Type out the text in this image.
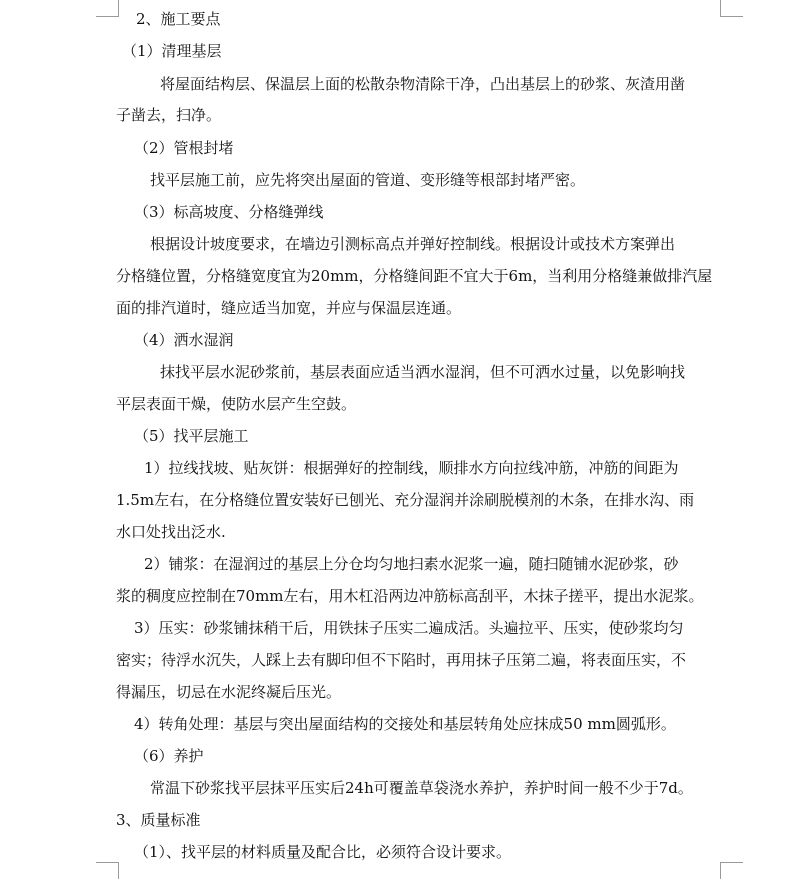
2、施工要点

（1）清理基层

将屋面结构层、保温层上面的松散杂物清除干净，凸出基层上的砂浆、灰渣用凿

子凿去，扫净。

（2）管根封堵

找平层施工前，应先将突出屋面的管道、变形缝等根部封堵严密。

（3）标高坡度、分格缝弹线

根据设计坡度要求，在墙边引测标高点并弹好控制线。根据设计或技术方案弹出

分格缝位置，分格缝宽度宜为20mm，分格缝间距不宜大于6m，当利用分格缝兼做排汽屋

面的排汽道时，缝应适当加宽，并应与保温层连通。

（4）洒水湿润

抹找平层水泥砂浆前，基层表面应适当洒水湿润，但不可洒水过量，以免影响找

平层表面干燥，使防水层产生空鼓。

（5）找平层施工

1）拉线找坡、贴灰饼：根据弹好的控制线，顺排水方向拉线冲筋，冲筋的间距为

1.5m左右，在分格缝位置安装好已刨光、充分湿润并涂刷脱模剂的木条，在排水沟、雨

水口处找出泛水.

2）铺浆：在湿润过的基层上分仓均匀地扫素水泥浆一遍，随扫随铺水泥砂浆，砂

浆的稠度应控制在70mm左右，用木杠沿两边冲筋标高刮平，木抹子搓平，提出水泥浆。

3）压实：砂浆铺抹稍干后，用铁抹子压实二遍成活。头遍拉平、压实，使砂浆均匀

密实；待浮水沉失，人踩上去有脚印但不下陷时，再用抹子压第二遍，将表面压实，不

得漏压，切忌在水泥终凝后压光。

4）转角处理：基层与突出屋面结构的交接处和基层转角处应抹成50 mm圆弧形。

（6）养护

常温下砂浆找平层抹平压实后24h可覆盖草袋浇水养护，养护时间一般不少于7d。

3、质量标准

（1）、找平层的材料质量及配合比，必须符合设计要求。
